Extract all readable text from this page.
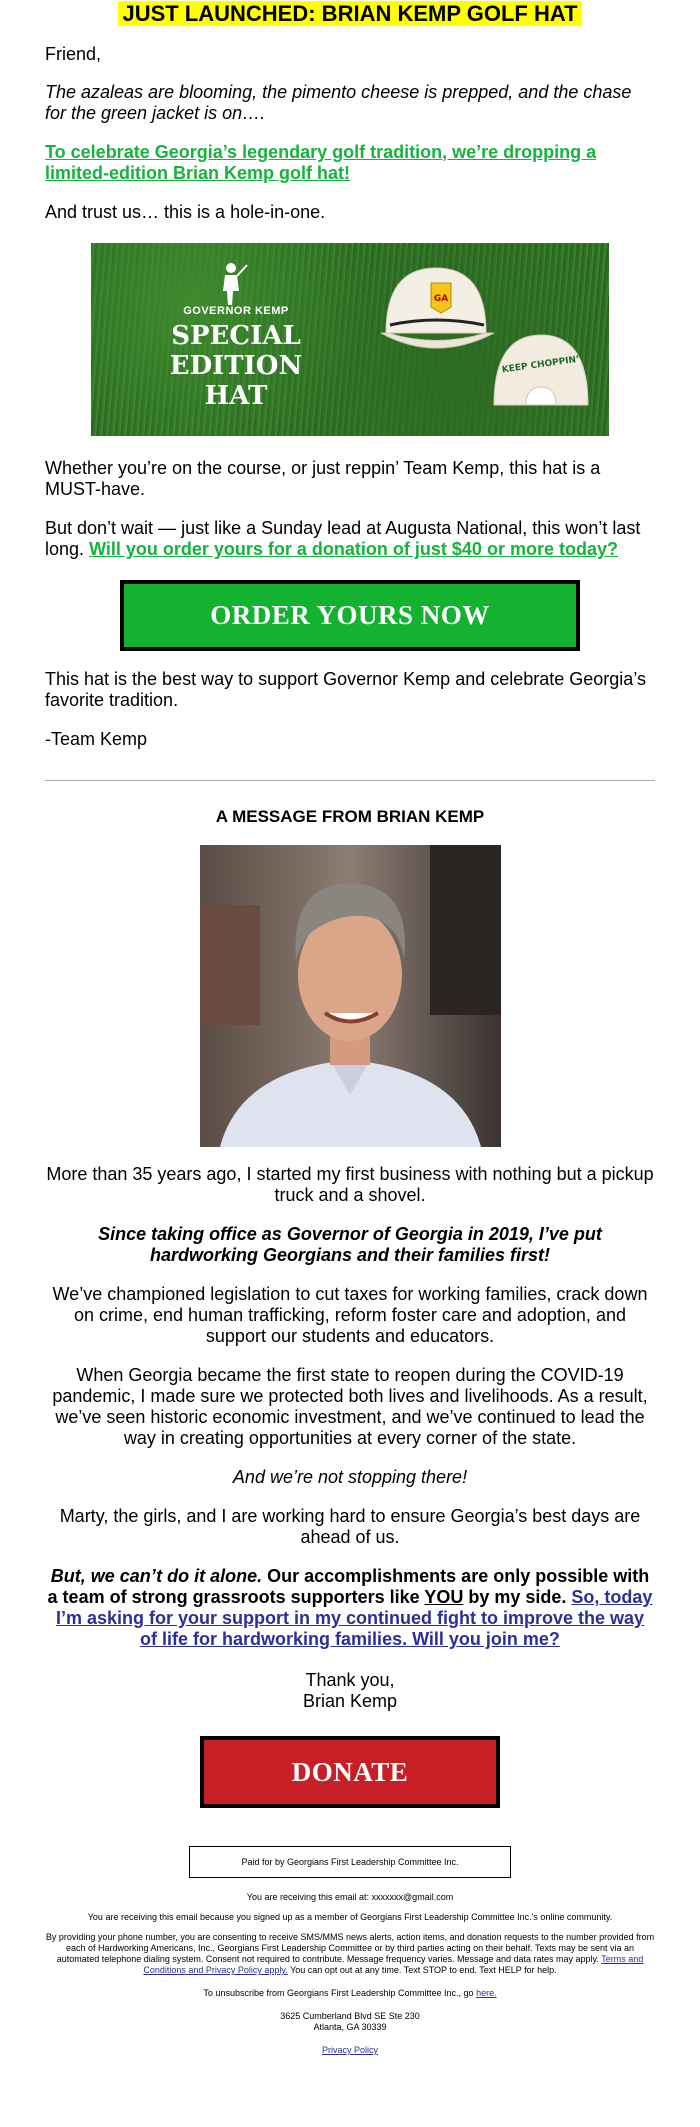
JUST LAUNCHED: BRIAN KEMP GOLF HAT

Friend,

The azaleas are blooming, the pimento cheese is prepped, and the chase for the green jacket is on….

To celebrate Georgia’s legendary golf tradition, we’re dropping a limited-edition Brian Kemp golf hat!

And trust us… this is a hole-in-one.

GOVERNOR KEMP
SPECIAL EDITION
HAT
GA
KEEP CHOPPIN’

Whether you’re on the course, or just reppin’ Team Kemp, this hat is a MUST-have.

But don’t wait — just like a Sunday lead at Augusta National, this won’t last long. Will you order yours for a donation of just $40 or more today?

ORDER YOURS NOW

This hat is the best way to support Governor Kemp and celebrate Georgia’s favorite tradition.

-Team Kemp

A MESSAGE FROM BRIAN KEMP

More than 35 years ago, I started my first business with nothing but a pickup truck and a shovel.

Since taking office as Governor of Georgia in 2019, I’ve put hardworking Georgians and their families first!

We’ve championed legislation to cut taxes for working families, crack down on crime, end human trafficking, reform foster care and adoption, and support our students and educators.

When Georgia became the first state to reopen during the COVID-19 pandemic, I made sure we protected both lives and livelihoods. As a result, we’ve seen historic economic investment, and we’ve continued to lead the way in creating opportunities at every corner of the state.

And we’re not stopping there!

Marty, the girls, and I are working hard to ensure Georgia’s best days are ahead of us.

But, we can’t do it alone. Our accomplishments are only possible with a team of strong grassroots supporters like YOU by my side. So, today I’m asking for your support in my continued fight to improve the way of life for hardworking families. Will you join me?

Thank you,

Brian Kemp

DONATE
Paid for by Georgians First Leadership Committee Inc.
You are receiving this email at: xxxxxxx@gmail.com
You are receiving this email because you signed up as a member of Georgians First Leadership Committee Inc.'s online community.
By providing your phone number, you are consenting to receive SMS/MMS news alerts, action items, and donation requests to the number provided from each of Hardworking Americans, Inc., Georgians First Leadership Committee or by third parties acting on their behalf. Texts may be sent via an automated telephone dialing system. Consent not required to contribute. Message frequency varies. Message and data rates may apply. Terms and Conditions and Privacy Policy apply. You can opt out at any time. Text STOP to end. Text HELP for help.
To unsubscribe from Georgians First Leadership Committee Inc., go here.
3625 Cumberland Blvd SE Ste 230
Atlanta, GA 30339
Privacy Policy
